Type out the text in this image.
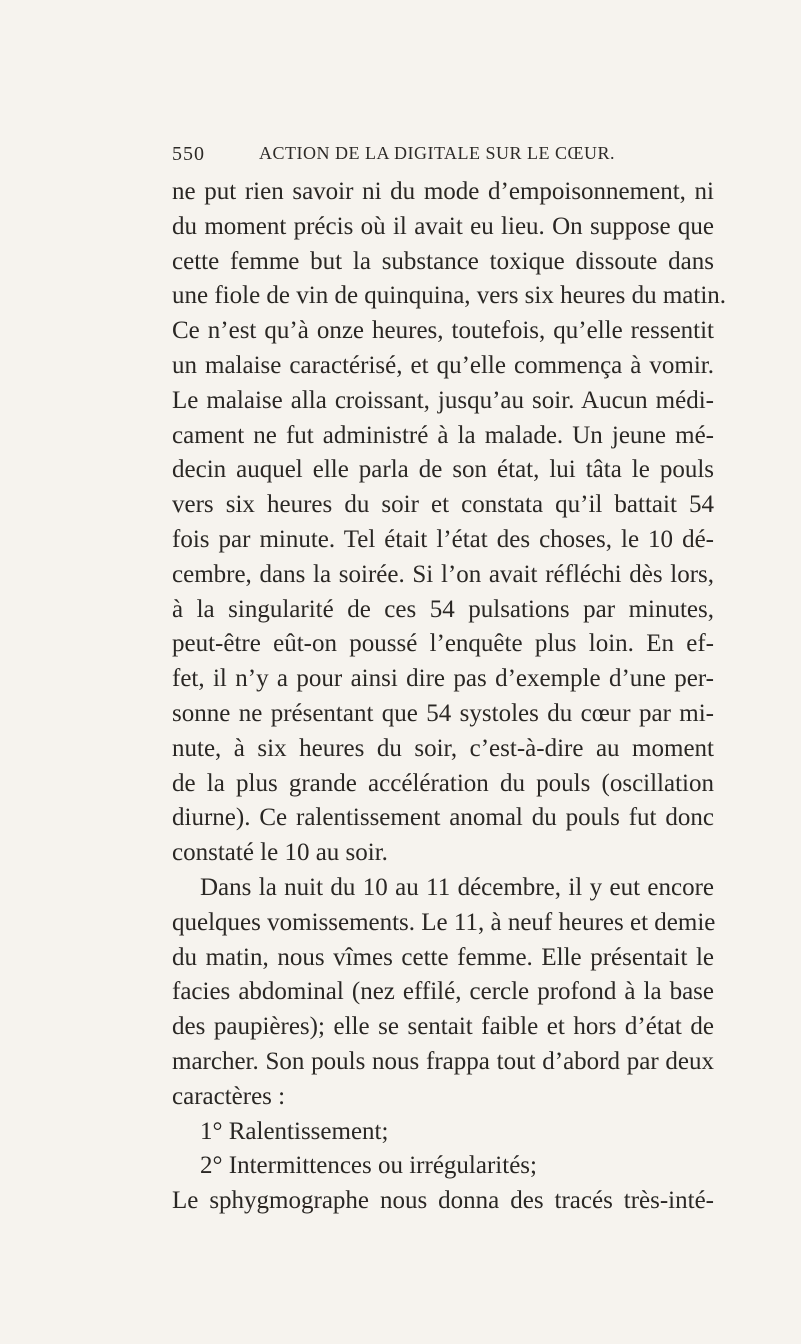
550	ACTION DE LA DIGITALE SUR LE CŒUR.
ne put rien savoir ni du mode d’empoisonnement, ni
du moment précis où il avait eu lieu. On suppose que
cette femme but la substance toxique dissoute dans
une fiole de vin de quinquina, vers six heures du matin.
Ce n’est qu’à onze heures, toutefois, qu’elle ressentit
un malaise caractérisé, et qu’elle commença à vomir.
Le malaise alla croissant, jusqu’au soir. Aucun médi-
cament ne fut administré à la malade. Un jeune mé-
decin auquel elle parla de son état, lui tâta le pouls
vers six heures du soir et constata qu’il battait 54
fois par minute. Tel était l’état des choses, le 10 dé-
cembre, dans la soirée. Si l’on avait réfléchi dès lors,
à la singularité de ces 54 pulsations par minutes,
peut-être eût-on poussé l’enquête plus loin. En ef-
fet, il n’y a pour ainsi dire pas d’exemple d’une per-
sonne ne présentant que 54 systoles du cœur par mi-
nute, à six heures du soir, c’est-à-dire au moment
de la plus grande accélération du pouls (oscillation
diurne). Ce ralentissement anomal du pouls fut donc
constaté le 10 au soir.
Dans la nuit du 10 au 11 décembre, il y eut encore
quelques vomissements. Le 11, à neuf heures et demie
du matin, nous vîmes cette femme. Elle présentait le
facies abdominal (nez effilé, cercle profond à la base
des paupières); elle se sentait faible et hors d’état de
marcher. Son pouls nous frappa tout d’abord par deux
caractères :
1° Ralentissement;
2° Intermittences ou irrégularités;
Le sphygmographe nous donna des tracés très-inté-
